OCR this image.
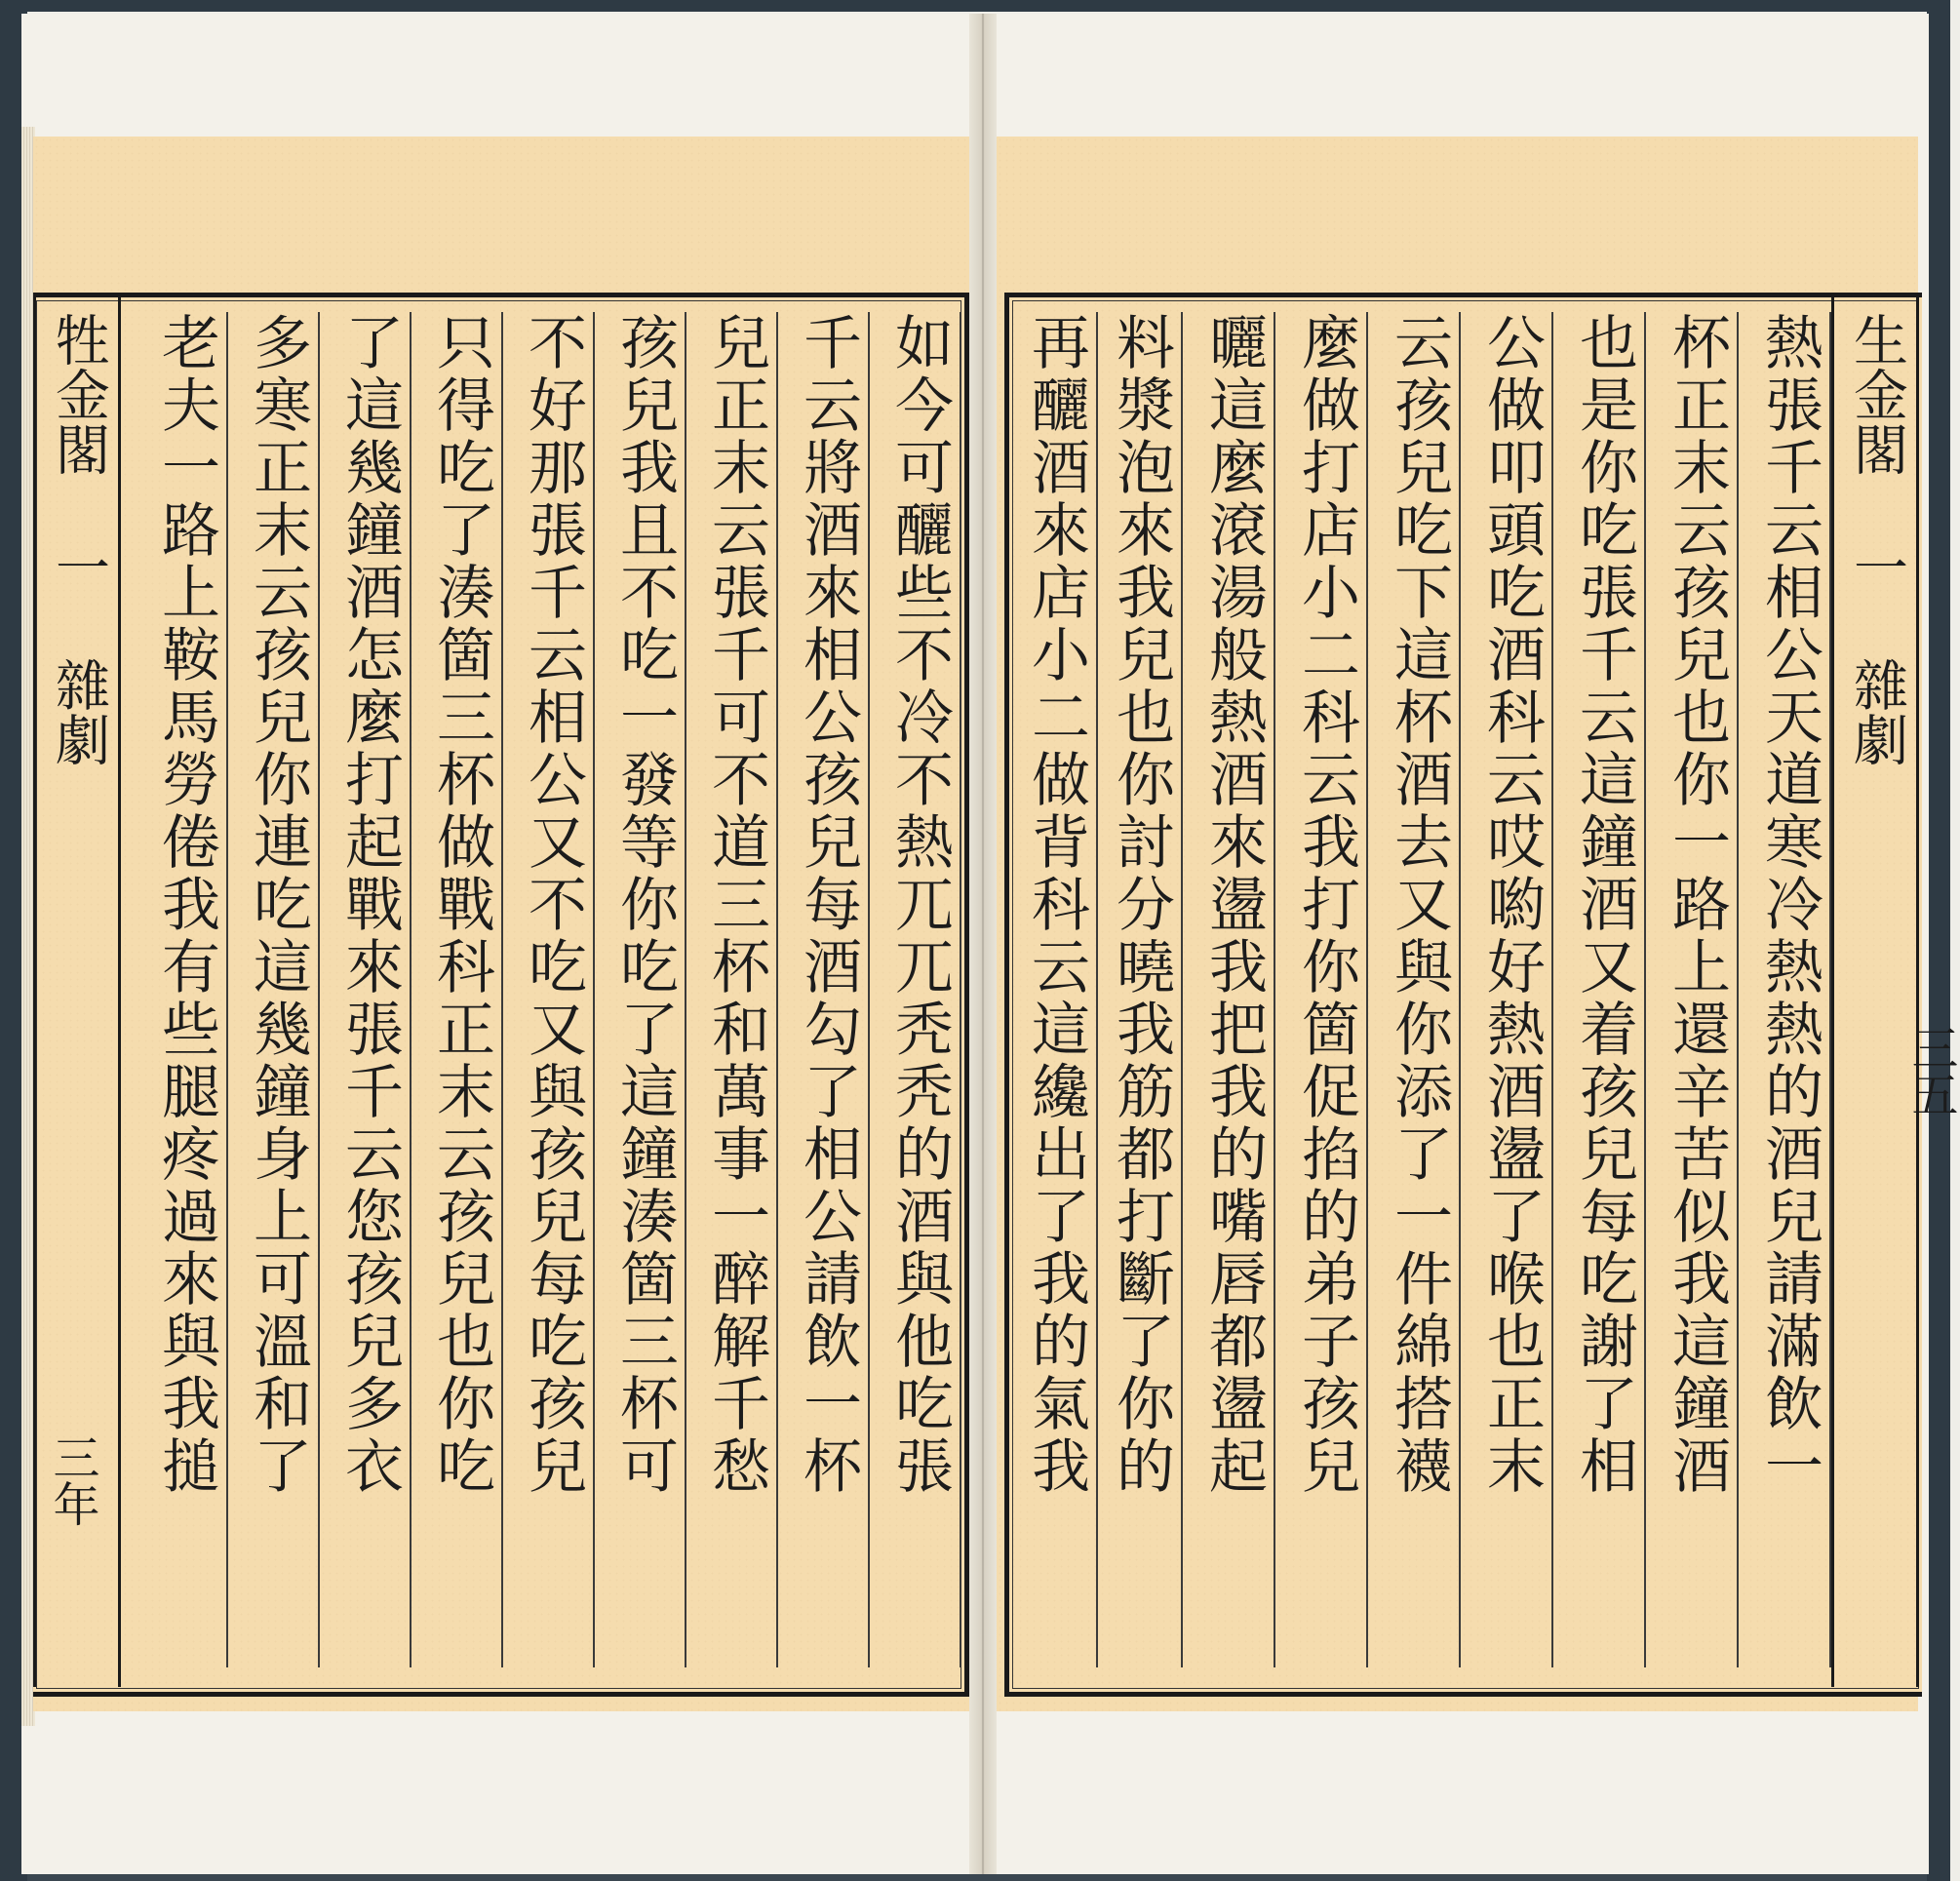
牲金閣 一 雜劇
三年
生金閣 一 雜劇
三五
熱張千云相公天道寒冷熱熱的酒兒請滿飲一
杯正末云孩兒也你一路上還辛苦似我這鐘酒
也是你吃張千云這鐘酒又着孩兒每吃謝了相
公做叩頭吃酒科云哎喲好熱酒盪了喉也正末
云孩兒吃下這杯酒去又與你添了一件綿搭襪
麼做打店小二科云我打你箇促掐的弟子孩兒
曬這麼滾湯般熱酒來盪我把我的嘴唇都盪起
料漿泡來我兒也你討分曉我筋都打斷了你的
再釃酒來店小二做背科云這纔出了我的氣我
如今可釃些不冷不熱兀兀秃秃的酒與他吃張
千云將酒來相公孩兒每酒勾了相公請飲一杯
兒正末云張千可不道三杯和萬事一醉解千愁
孩兒我且不吃一發等你吃了這鐘湊箇三杯可
不好那張千云相公又不吃又與孩兒每吃孩兒
只得吃了湊箇三杯做戰科正末云孩兒也你吃
了這幾鐘酒怎麼打起戰來張千云您孩兒多衣
多寒正末云孩兒你連吃這幾鐘身上可溫和了
老夫一路上鞍馬勞倦我有些腿疼過來與我搥
